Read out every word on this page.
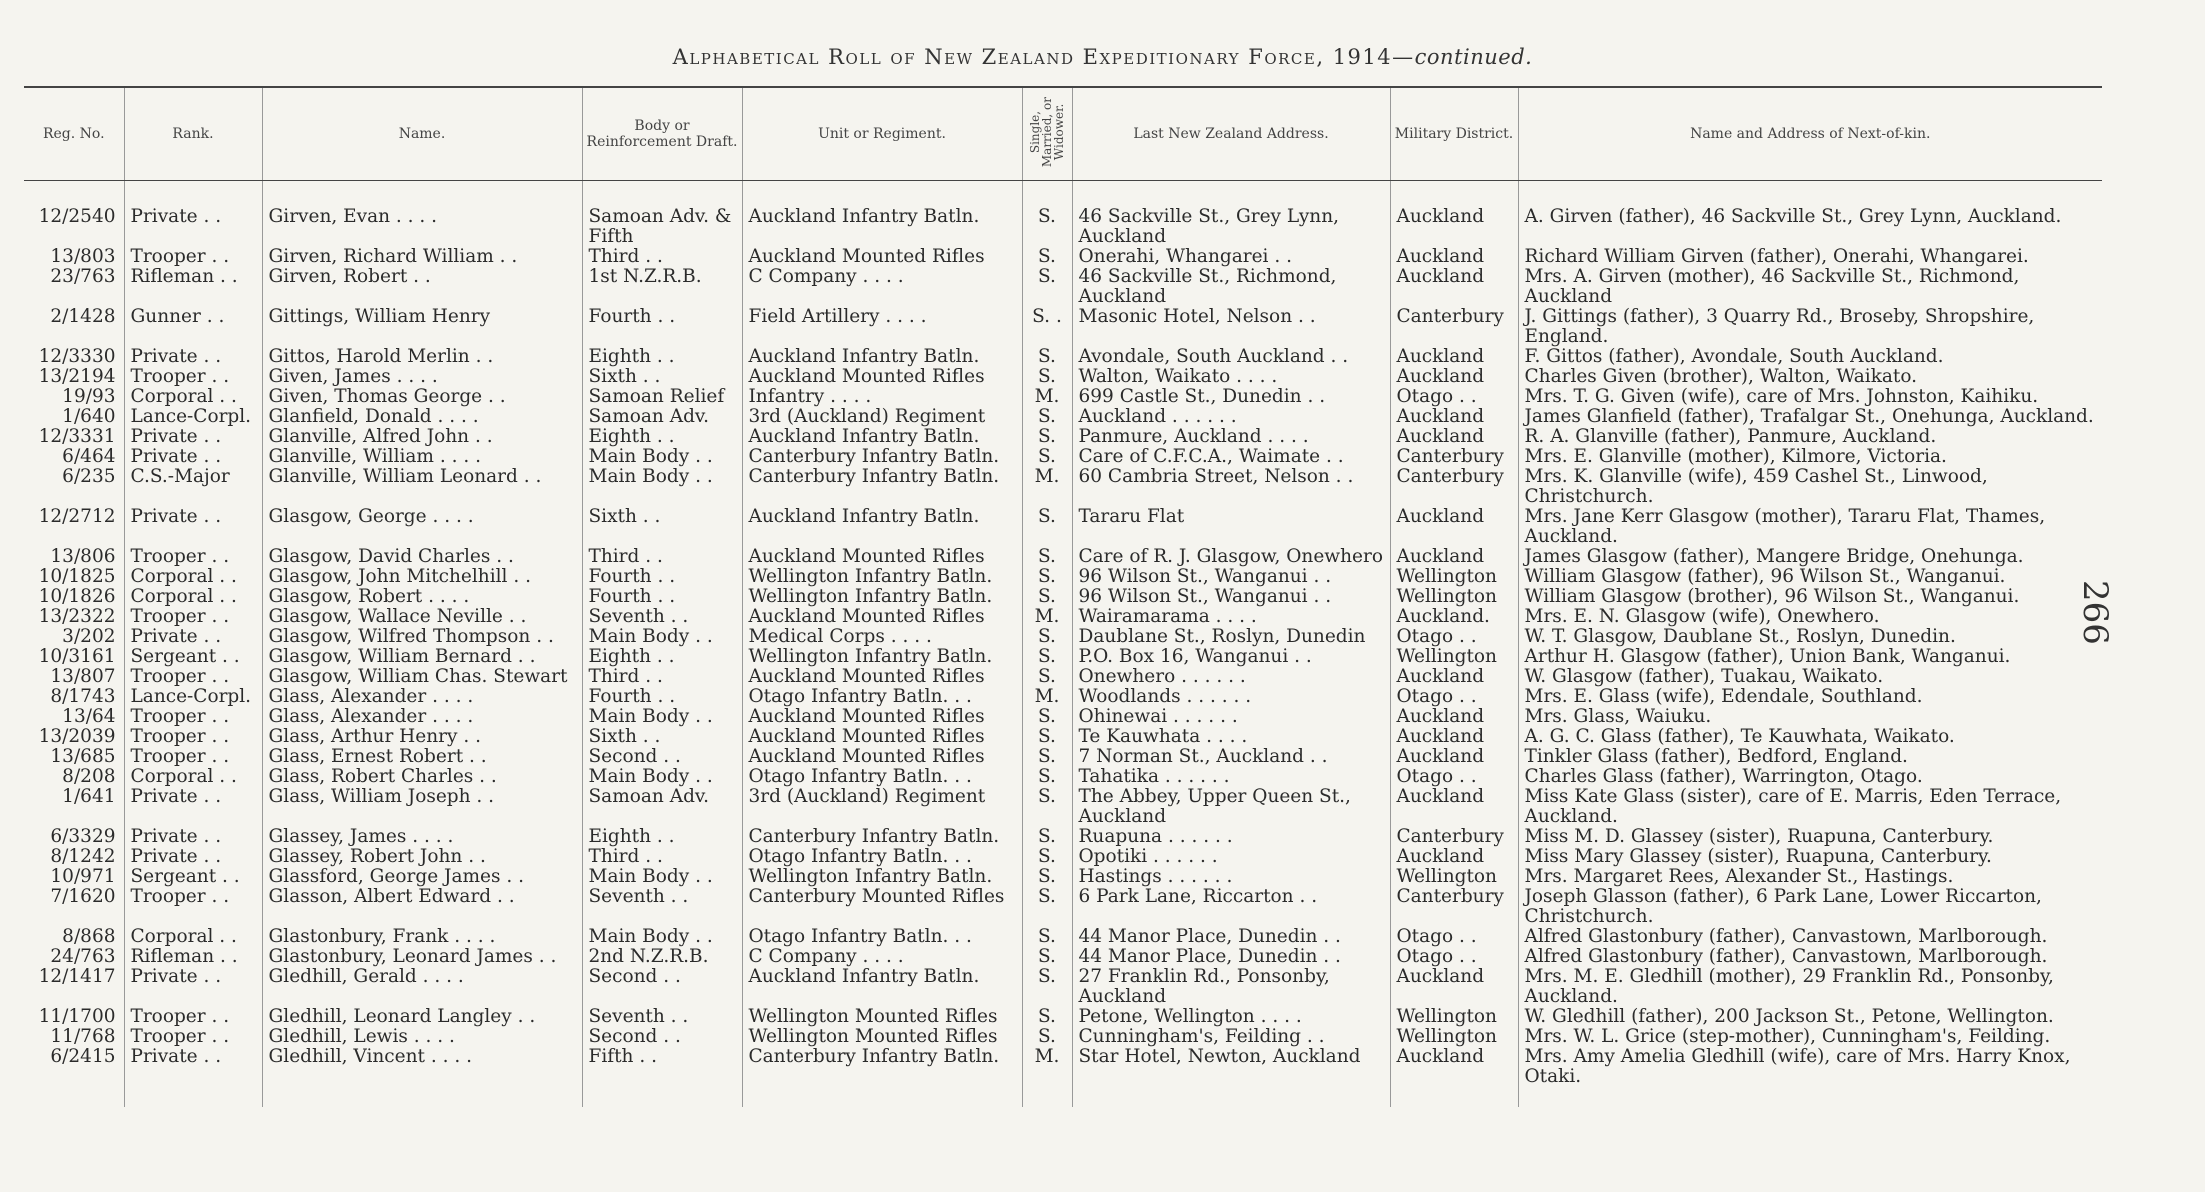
Alphabetical Roll of New Zealand Expeditionary Force, 1914—continued.
266
Reg. No.	Rank.	Name.	Body or Reinforcement Draft.	Unit or Regiment.	Single,
Married, or
Widower.	Last New Zealand Address.	Military District.	Name and Address of Next-of-kin.
12/2540	Private . .	Girven, Evan . . . .	Samoan Adv. & Fifth	Auckland Infantry Batln.	S.	46 Sackville St., Grey Lynn, Auckland	Auckland	A. Girven (father), 46 Sackville St., Grey Lynn, Auckland.
13/803	Trooper . .	Girven, Richard William . .	Third . .	Auckland Mounted Rifles	S.	Onerahi, Whangarei . .	Auckland	Richard William Girven (father), Onerahi, Whangarei.
23/763	Rifleman . .	Girven, Robert . .	1st N.Z.R.B.	C Company . . . .	S.	46 Sackville St., Richmond, Auckland	Auckland	Mrs. A. Girven (mother), 46 Sackville St., Richmond, Auckland
2/1428	Gunner . .	Gittings, William Henry	Fourth . .	Field Artillery . . . .	S. .	Masonic Hotel, Nelson . .	Canterbury	J. Gittings (father), 3 Quarry Rd., Broseby, Shropshire, England.
12/3330	Private . .	Gittos, Harold Merlin . .	Eighth . .	Auckland Infantry Batln.	S.	Avondale, South Auckland . .	Auckland	F. Gittos (father), Avondale, South Auckland.
13/2194	Trooper . .	Given, James . . . .	Sixth . .	Auckland Mounted Rifles	S.	Walton, Waikato . . . .	Auckland	Charles Given (brother), Walton, Waikato.
19/93	Corporal . .	Given, Thomas George . .	Samoan Relief	Infantry . . . .	M.	699 Castle St., Dunedin . .	Otago . .	Mrs. T. G. Given (wife), care of Mrs. Johnston, Kaihiku.
1/640	Lance-Corpl.	Glanfield, Donald . . . .	Samoan Adv.	3rd (Auckland) Regiment	S.	Auckland . . . . . .	Auckland	James Glanfield (father), Trafalgar St., Onehunga, Auckland.
12/3331	Private . .	Glanville, Alfred John . .	Eighth . .	Auckland Infantry Batln.	S.	Panmure, Auckland . . . .	Auckland	R. A. Glanville (father), Panmure, Auckland.
6/464	Private . .	Glanville, William . . . .	Main Body . .	Canterbury Infantry Batln.	S.	Care of C.F.C.A., Waimate . .	Canterbury	Mrs. E. Glanville (mother), Kilmore, Victoria.
6/235	C.S.-Major	Glanville, William Leonard . .	Main Body . .	Canterbury Infantry Batln.	M.	60 Cambria Street, Nelson . .	Canterbury	Mrs. K. Glanville (wife), 459 Cashel St., Linwood, Christchurch.
12/2712	Private . .	Glasgow, George . . . .	Sixth . .	Auckland Infantry Batln.	S.	Tararu Flat	Auckland	Mrs. Jane Kerr Glasgow (mother), Tararu Flat, Thames, Auckland.
13/806	Trooper . .	Glasgow, David Charles . .	Third . .	Auckland Mounted Rifles	S.	Care of R. J. Glasgow, Onewhero	Auckland	James Glasgow (father), Mangere Bridge, Onehunga.
10/1825	Corporal . .	Glasgow, John Mitchelhill . .	Fourth . .	Wellington Infantry Batln.	S.	96 Wilson St., Wanganui . .	Wellington	William Glasgow (father), 96 Wilson St., Wanganui.
10/1826	Corporal . .	Glasgow, Robert . . . .	Fourth . .	Wellington Infantry Batln.	S.	96 Wilson St., Wanganui . .	Wellington	William Glasgow (brother), 96 Wilson St., Wanganui.
13/2322	Trooper . .	Glasgow, Wallace Neville . .	Seventh . .	Auckland Mounted Rifles	M.	Wairamarama . . . .	Auckland.	Mrs. E. N. Glasgow (wife), Onewhero.
3/202	Private . .	Glasgow, Wilfred Thompson . .	Main Body . .	Medical Corps . . . .	S.	Daublane St., Roslyn, Dunedin	Otago . .	W. T. Glasgow, Daublane St., Roslyn, Dunedin.
10/3161	Sergeant . .	Glasgow, William Bernard . .	Eighth . .	Wellington Infantry Batln.	S.	P.O. Box 16, Wanganui . .	Wellington	Arthur H. Glasgow (father), Union Bank, Wanganui.
13/807	Trooper . .	Glasgow, William Chas. Stewart	Third . .	Auckland Mounted Rifles	S.	Onewhero . . . . . .	Auckland	W. Glasgow (father), Tuakau, Waikato.
8/1743	Lance-Corpl.	Glass, Alexander . . . .	Fourth . .	Otago Infantry Batln. . .	M.	Woodlands . . . . . .	Otago . .	Mrs. E. Glass (wife), Edendale, Southland.
13/64	Trooper . .	Glass, Alexander . . . .	Main Body . .	Auckland Mounted Rifles	S.	Ohinewai . . . . . .	Auckland	Mrs. Glass, Waiuku.
13/2039	Trooper . .	Glass, Arthur Henry . .	Sixth . .	Auckland Mounted Rifles	S.	Te Kauwhata . . . .	Auckland	A. G. C. Glass (father), Te Kauwhata, Waikato.
13/685	Trooper . .	Glass, Ernest Robert . .	Second . .	Auckland Mounted Rifles	S.	7 Norman St., Auckland . .	Auckland	Tinkler Glass (father), Bedford, England.
8/208	Corporal . .	Glass, Robert Charles . .	Main Body . .	Otago Infantry Batln. . .	S.	Tahatika . . . . . .	Otago . .	Charles Glass (father), Warrington, Otago.
1/641	Private . .	Glass, William Joseph . .	Samoan Adv.	3rd (Auckland) Regiment	S.	The Abbey, Upper Queen St., Auckland	Auckland	Miss Kate Glass (sister), care of E. Marris, Eden Terrace, Auckland.
6/3329	Private . .	Glassey, James . . . .	Eighth . .	Canterbury Infantry Batln.	S.	Ruapuna . . . . . .	Canterbury	Miss M. D. Glassey (sister), Ruapuna, Canterbury.
8/1242	Private . .	Glassey, Robert John . .	Third . .	Otago Infantry Batln. . .	S.	Opotiki . . . . . .	Auckland	Miss Mary Glassey (sister), Ruapuna, Canterbury.
10/971	Sergeant . .	Glassford, George James . .	Main Body . .	Wellington Infantry Batln.	S.	Hastings . . . . . .	Wellington	Mrs. Margaret Rees, Alexander St., Hastings.
7/1620	Trooper . .	Glasson, Albert Edward . .	Seventh . .	Canterbury Mounted Rifles	S.	6 Park Lane, Riccarton . .	Canterbury	Joseph Glasson (father), 6 Park Lane, Lower Riccarton, Christchurch.
8/868	Corporal . .	Glastonbury, Frank . . . .	Main Body . .	Otago Infantry Batln. . .	S.	44 Manor Place, Dunedin . .	Otago . .	Alfred Glastonbury (father), Canvastown, Marlborough.
24/763	Rifleman . .	Glastonbury, Leonard James . .	2nd N.Z.R.B.	C Company . . . .	S.	44 Manor Place, Dunedin . .	Otago . .	Alfred Glastonbury (father), Canvastown, Marlborough.
12/1417	Private . .	Gledhill, Gerald . . . .	Second . .	Auckland Infantry Batln.	S.	27 Franklin Rd., Ponsonby, Auckland	Auckland	Mrs. M. E. Gledhill (mother), 29 Franklin Rd., Ponsonby, Auckland.
11/1700	Trooper . .	Gledhill, Leonard Langley . .	Seventh . .	Wellington Mounted Rifles	S.	Petone, Wellington . . . .	Wellington	W. Gledhill (father), 200 Jackson St., Petone, Wellington.
11/768	Trooper . .	Gledhill, Lewis . . . .	Second . .	Wellington Mounted Rifles	S.	Cunningham's, Feilding . .	Wellington	Mrs. W. L. Grice (step-mother), Cunningham's, Feilding.
6/2415	Private . .	Gledhill, Vincent . . . .	Fifth . .	Canterbury Infantry Batln.	M.	Star Hotel, Newton, Auckland	Auckland	Mrs. Amy Amelia Gledhill (wife), care of Mrs. Harry Knox, Otaki.
